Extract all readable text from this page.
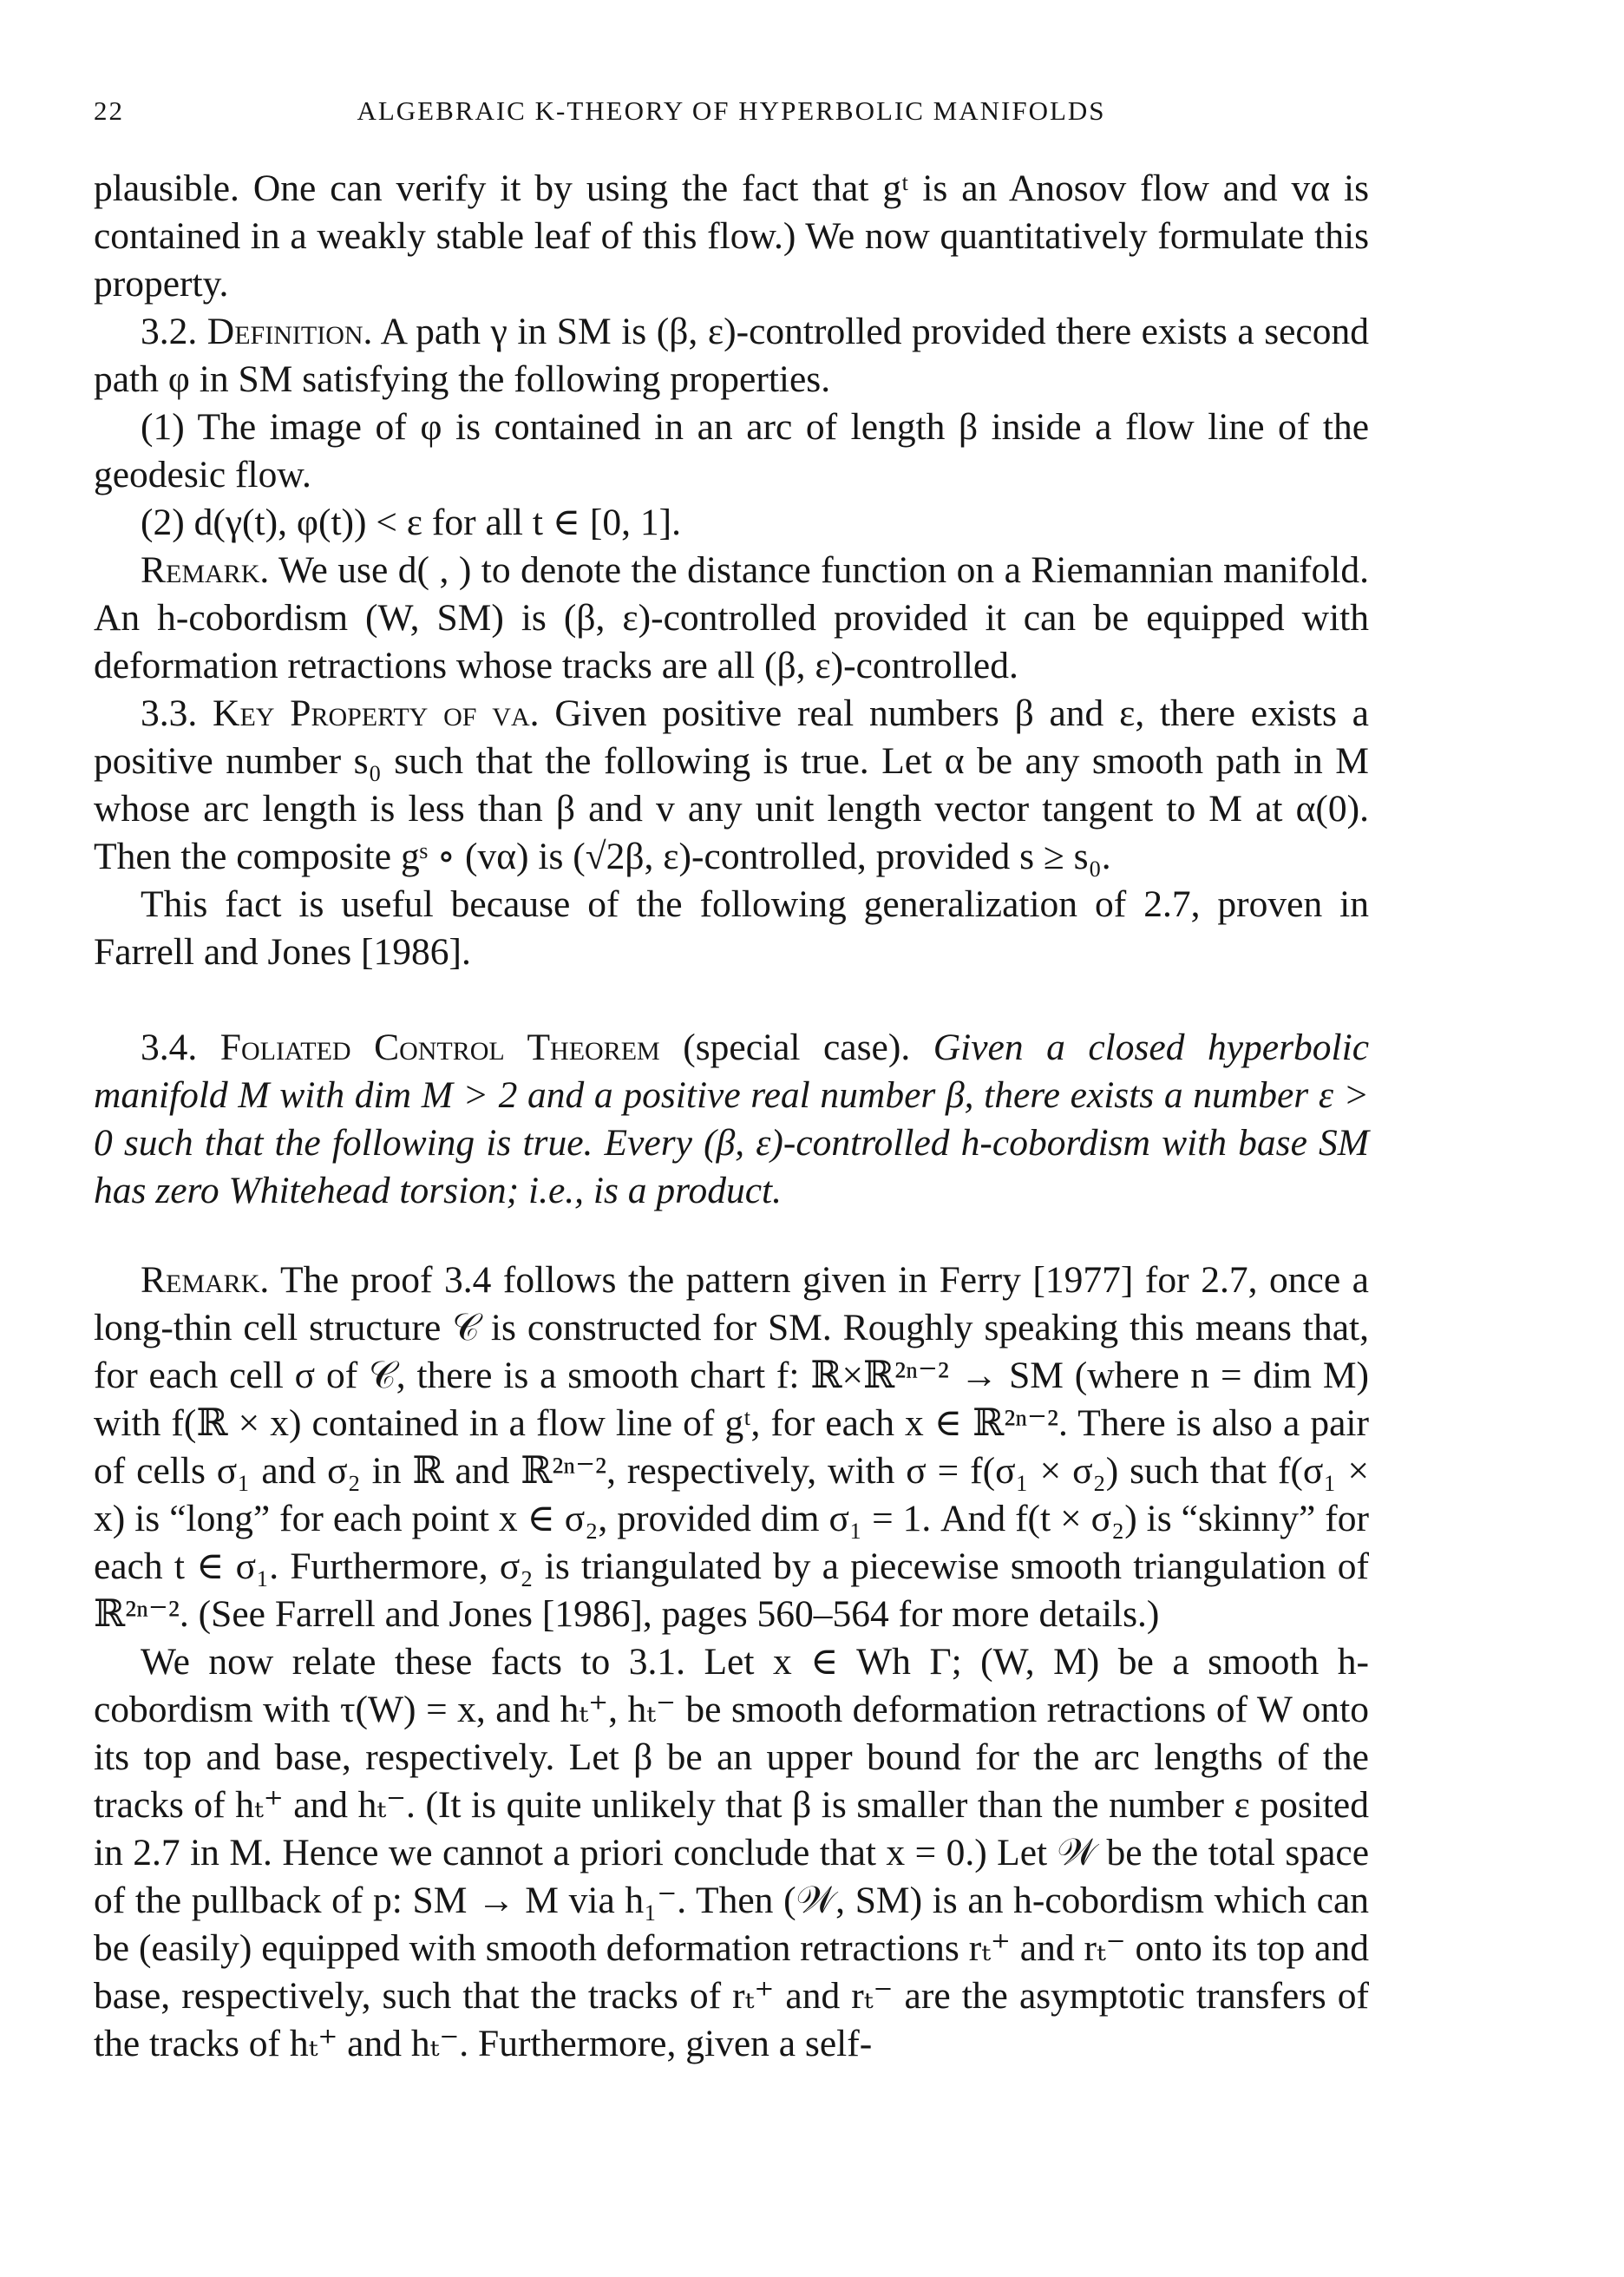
22	ALGEBRAIC K-THEORY OF HYPERBOLIC MANIFOLDS

plausible. One can verify it by using the fact that gᵗ is an Anosov flow and vα is contained in a weakly stable leaf of this flow.) We now quantitatively formulate this property.

3.2. Definition. A path γ in SM is (β, ε)-controlled provided there exists a second path φ in SM satisfying the following properties.

(1) The image of φ is contained in an arc of length β inside a flow line of the geodesic flow.

(2) d(γ(t), φ(t)) < ε for all t ∈ [0, 1].

Remark. We use d( , ) to denote the distance function on a Riemannian manifold. An h-cobordism (W, SM) is (β, ε)-controlled provided it can be equipped with deformation retractions whose tracks are all (β, ε)-controlled.

3.3. Key Property of vα. Given positive real numbers β and ε, there exists a positive number s₀ such that the following is true. Let α be any smooth path in M whose arc length is less than β and v any unit length vector tangent to M at α(0). Then the composite gˢ ∘ (vα) is (√2β, ε)-controlled, provided s ≥ s₀.

This fact is useful because of the following generalization of 2.7, proven in Farrell and Jones [1986].

3.4. Foliated Control Theorem (special case). Given a closed hyperbolic manifold M with dim M > 2 and a positive real number β, there exists a number ε > 0 such that the following is true. Every (β, ε)-controlled h-cobordism with base SM has zero Whitehead torsion; i.e., is a product.

Remark. The proof 3.4 follows the pattern given in Ferry [1977] for 2.7, once a long-thin cell structure 𝒞 is constructed for SM. Roughly speaking this means that, for each cell σ of 𝒞, there is a smooth chart f: ℝ×ℝ²ⁿ⁻² → SM (where n = dim M) with f(ℝ × x) contained in a flow line of gᵗ, for each x ∈ ℝ²ⁿ⁻². There is also a pair of cells σ₁ and σ₂ in ℝ and ℝ²ⁿ⁻², respectively, with σ = f(σ₁ × σ₂) such that f(σ₁ × x) is “long” for each point x ∈ σ₂, provided dim σ₁ = 1. And f(t × σ₂) is “skinny” for each t ∈ σ₁. Furthermore, σ₂ is triangulated by a piecewise smooth triangulation of ℝ²ⁿ⁻². (See Farrell and Jones [1986], pages 560–564 for more details.)

We now relate these facts to 3.1. Let x ∈ Wh Γ; (W, M) be a smooth h-cobordism with τ(W) = x, and hₜ⁺, hₜ⁻ be smooth deformation retractions of W onto its top and base, respectively. Let β be an upper bound for the arc lengths of the tracks of hₜ⁺ and hₜ⁻. (It is quite unlikely that β is smaller than the number ε posited in 2.7 in M. Hence we cannot a priori conclude that x = 0.) Let 𝒲 be the total space of the pullback of p: SM → M via h₁⁻. Then (𝒲, SM) is an h-cobordism which can be (easily) equipped with smooth deformation retractions rₜ⁺ and rₜ⁻ onto its top and base, respectively, such that the tracks of rₜ⁺ and rₜ⁻ are the asymptotic transfers of the tracks of hₜ⁺ and hₜ⁻. Furthermore, given a self-
